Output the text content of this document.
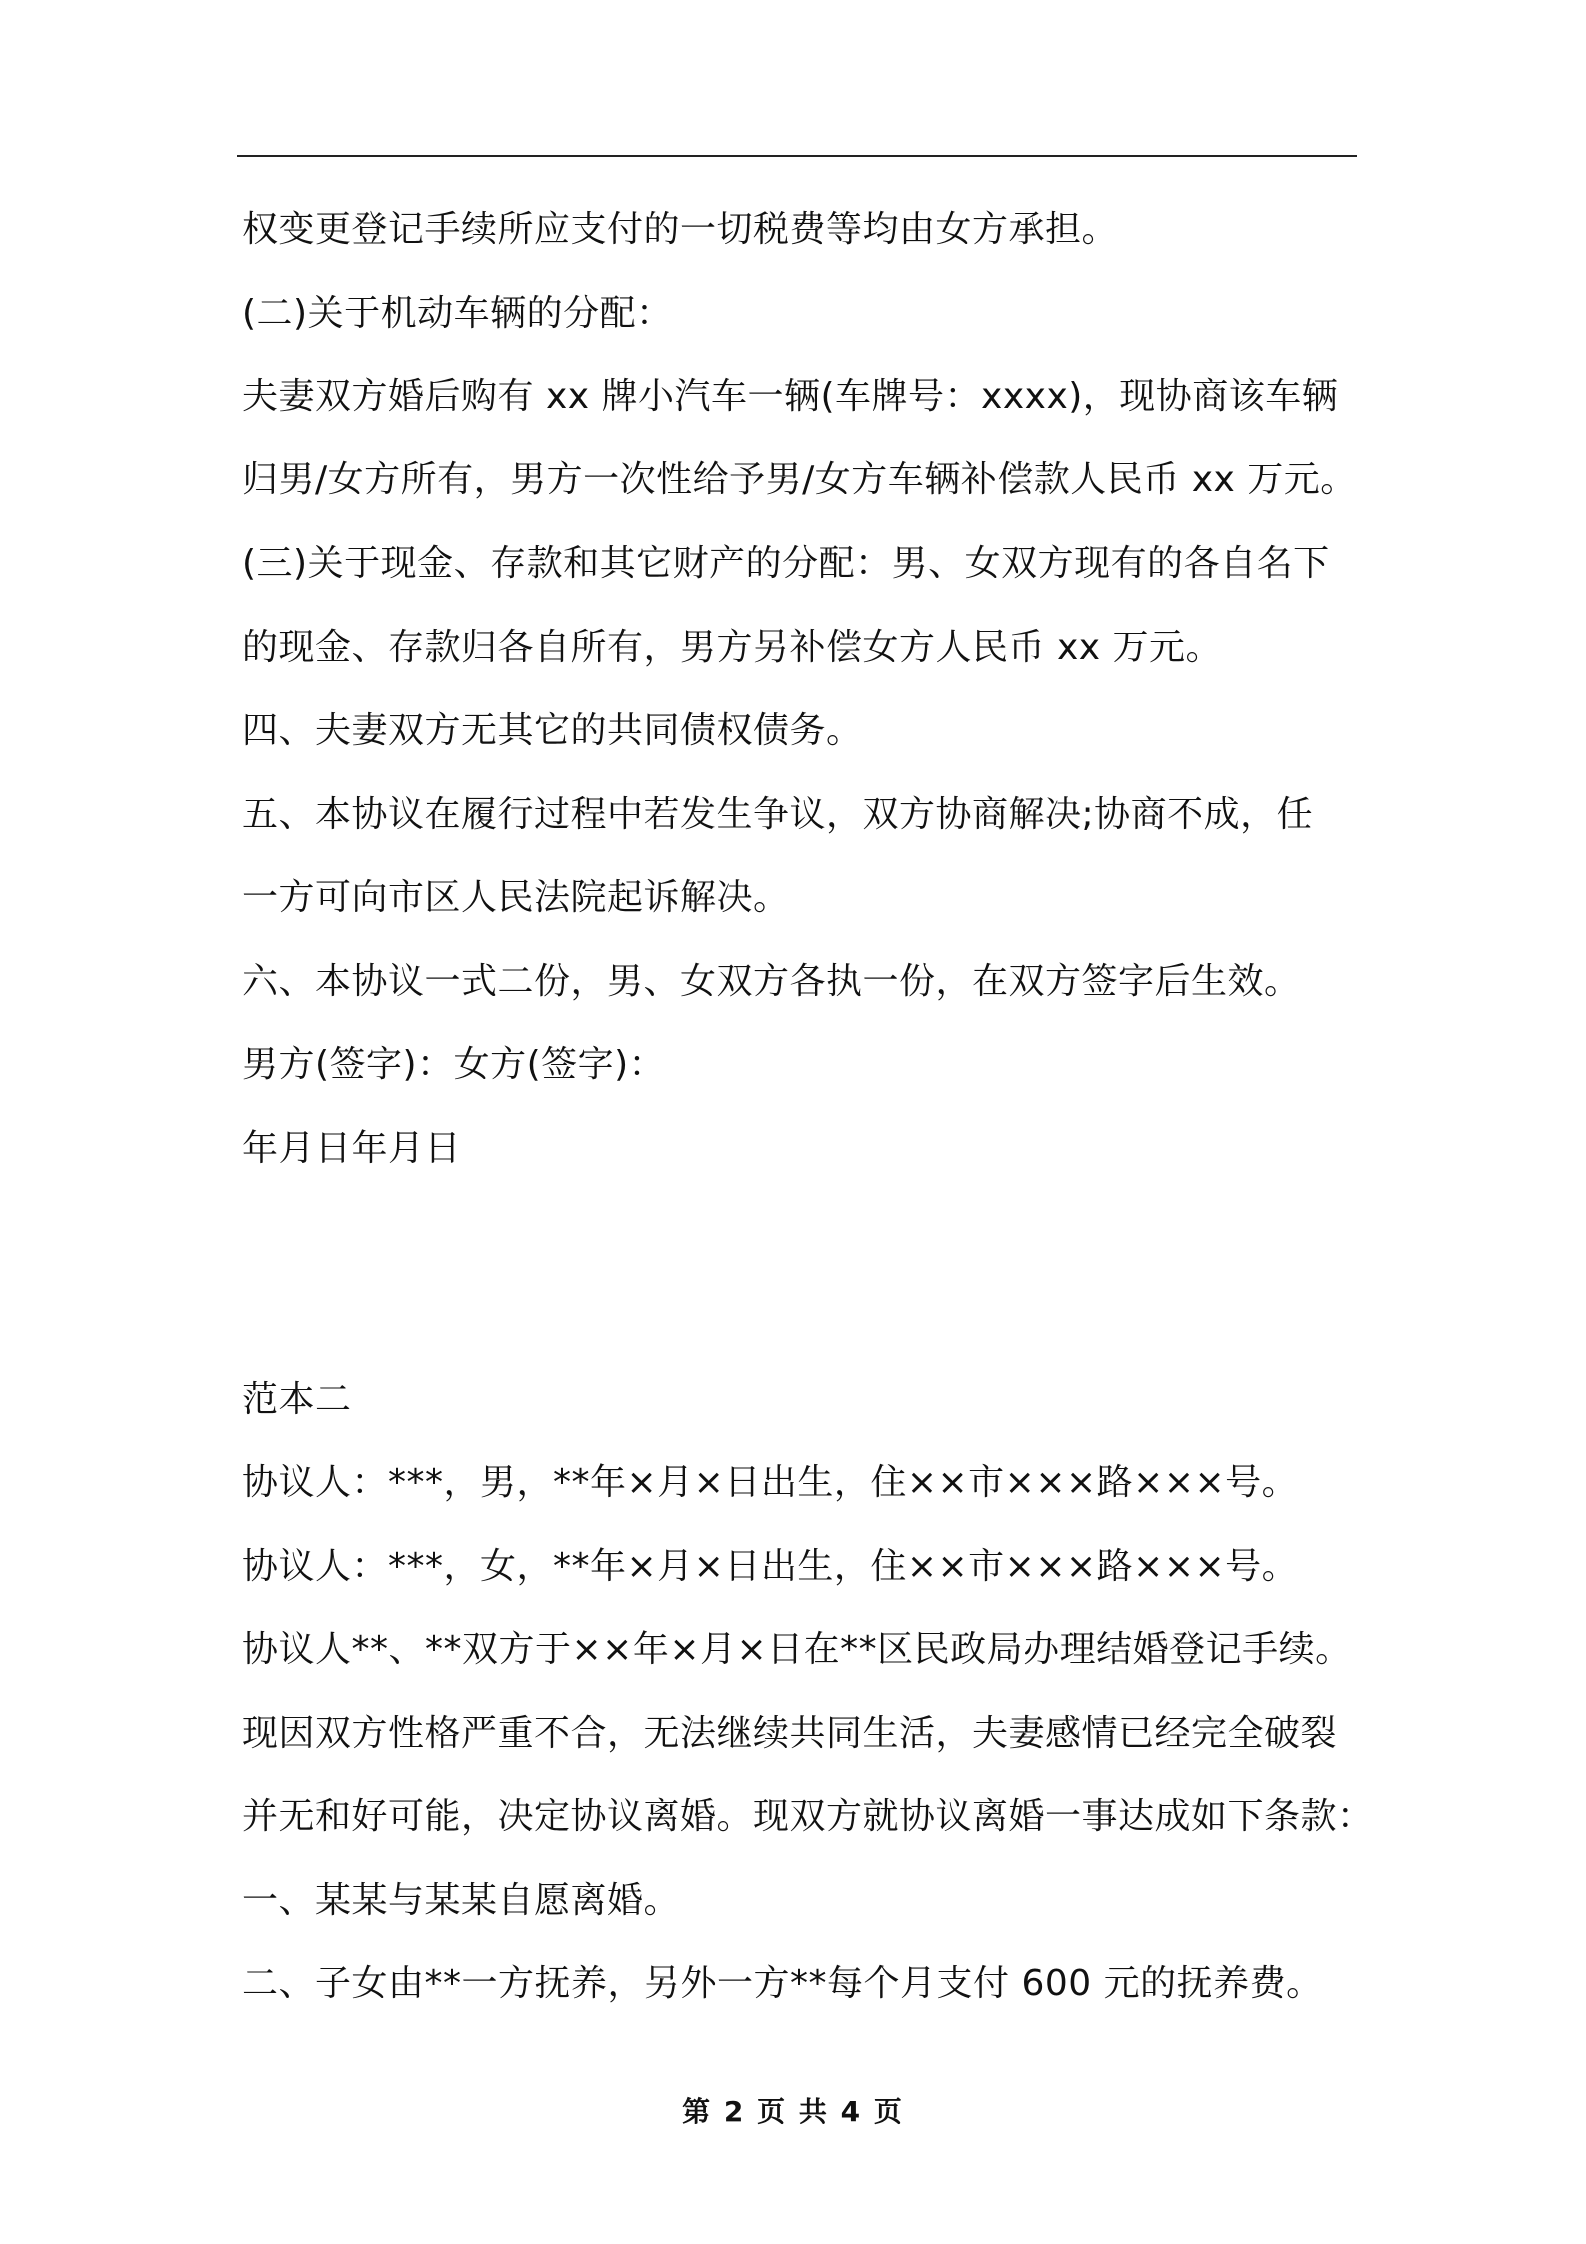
权变更登记手续所应支付的一切税费等均由女方承担。
(二)关于机动车辆的分配：
夫妻双方婚后购有 xx 牌小汽车一辆(车牌号：xxxx)，现协商该车辆
归男/女方所有，男方一次性给予男/女方车辆补偿款人民币 xx 万元。
(三)关于现金、存款和其它财产的分配：男、女双方现有的各自名下
的现金、存款归各自所有，男方另补偿女方人民币 xx 万元。
四、夫妻双方无其它的共同债权债务。
五、本协议在履行过程中若发生争议，双方协商解决;协商不成，任
一方可向市区人民法院起诉解决。
六、本协议一式二份，男、女双方各执一份，在双方签字后生效。
男方(签字)：女方(签字)：
年月日年月日
范本二
协议人：***，男，**年×月×日出生，住××市×××路×××号。
协议人：***，女，**年×月×日出生，住××市×××路×××号。
协议人**、**双方于××年×月×日在**区民政局办理结婚登记手续。
现因双方性格严重不合，无法继续共同生活，夫妻感情已经完全破裂
并无和好可能，决定协议离婚。现双方就协议离婚一事达成如下条款：
一、某某与某某自愿离婚。
二、子女由**一方抚养，另外一方**每个月支付 600 元的抚养费。
第 2 页 共 4 页
